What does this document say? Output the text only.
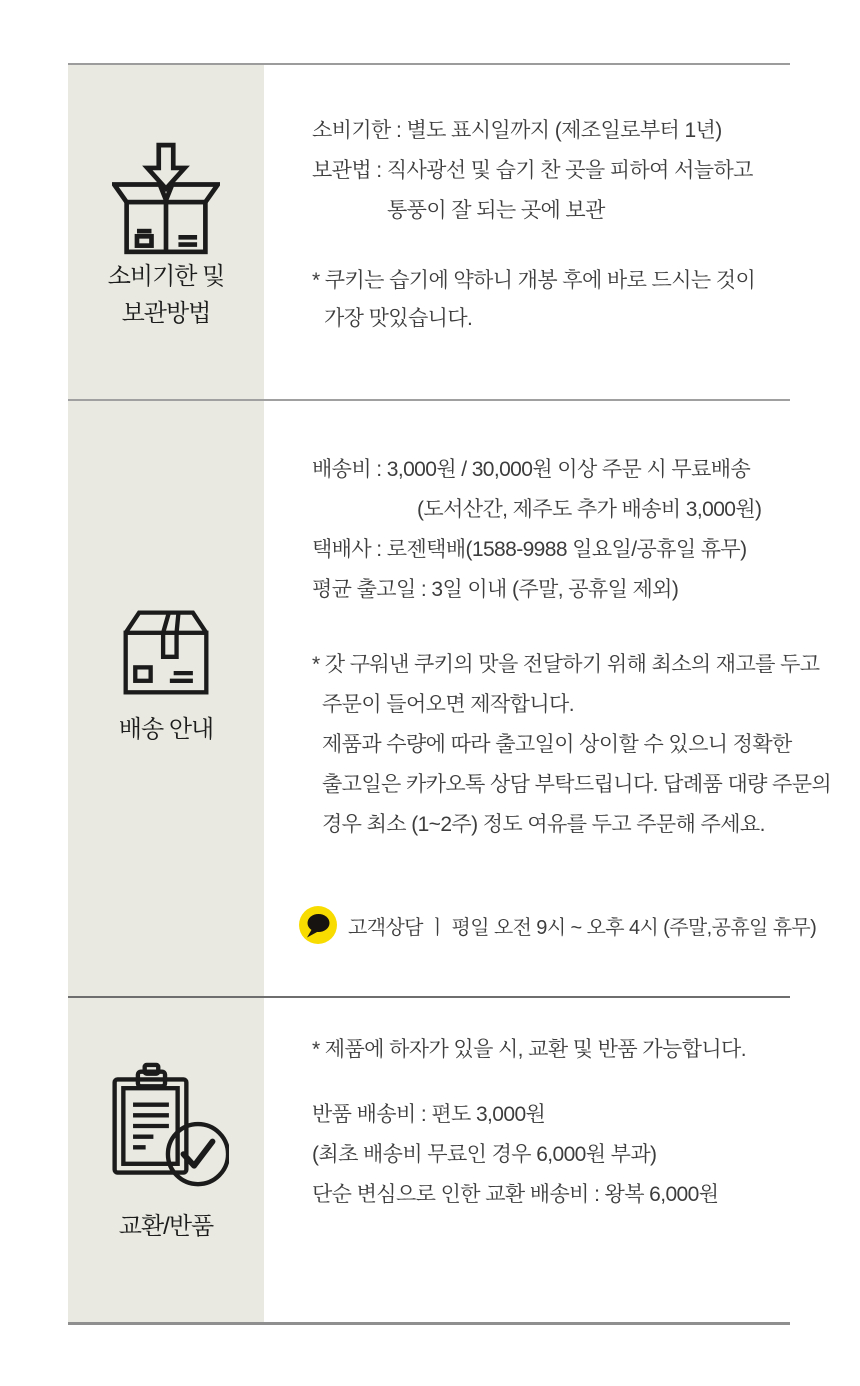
소비기한 및
보관방법
소비기한 : 별도 표시일까지 (제조일로부터 1년)
보관법 : 직사광선 및 습기 찬 곳을 피하여 서늘하고
통풍이 잘 되는 곳에 보관
* 쿠키는 습기에 약하니 개봉 후에 바로 드시는 것이
가장 맛있습니다.
배송 안내
배송비 : 3,000원 / 30,000원 이상 주문 시 무료배송
(도서산간, 제주도 추가 배송비 3,000원)
택배사 : 로젠택배(1588-9988 일요일/공휴일 휴무)
평균 출고일 : 3일 이내 (주말, 공휴일 제외)
* 갓 구워낸 쿠키의 맛을 전달하기 위해 최소의 재고를 두고
주문이 들어오면 제작합니다.
제품과 수량에 따라 출고일이 상이할 수 있으니 정확한
출고일은 카카오톡 상담 부탁드립니다. 답례품 대량 주문의
경우 최소 (1~2주) 정도 여유를 두고 주문해 주세요.
고객상담 ㅣ 평일 오전 9시 ~ 오후 4시 (주말,공휴일 휴무)
교환/반품
* 제품에 하자가 있을 시, 교환 및 반품 가능합니다.
반품 배송비 : 편도 3,000원
(최초 배송비 무료인 경우 6,000원 부과)
단순 변심으로 인한 교환 배송비 : 왕복 6,000원
